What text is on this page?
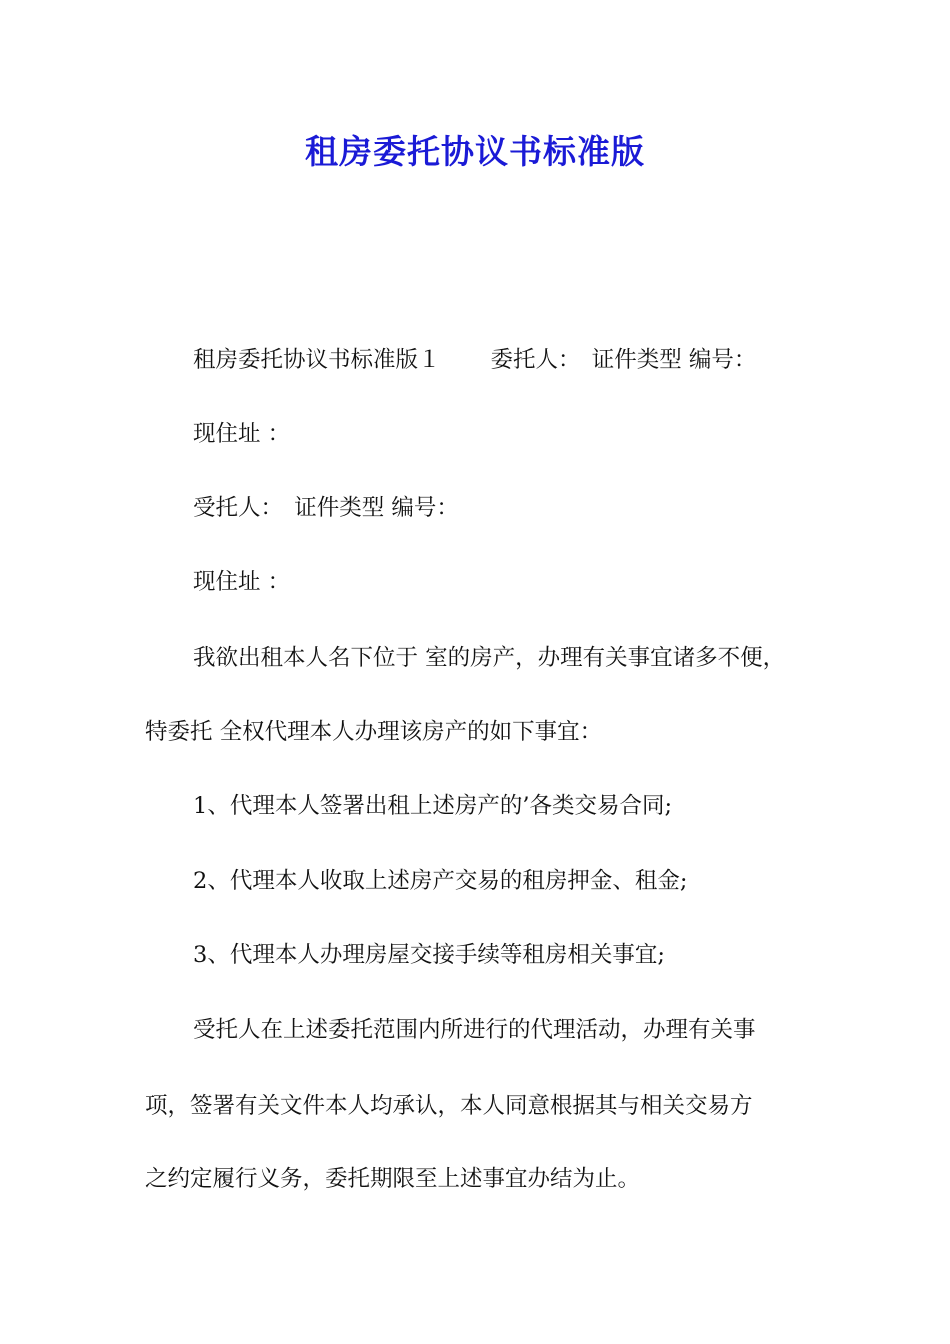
租房委托协议书标准版

租房委托协议书标准版１ 委托人：　证件类型 编号：

现住址 ：

受托人：　证件类型 编号：

现住址 ：

我欲出租本人名下位于 室的房产，办理有关事宜诸多不便，

特委托 全权代理本人办理该房产的如下事宜：

1、代理本人签署出租上述房产的’各类交易合同;

2、代理本人收取上述房产交易的租房押金、租金;

3、代理本人办理房屋交接手续等租房相关事宜;

受托人在上述委托范围内所进行的代理活动，办理有关事

项，签署有关文件本人均承认，本人同意根据其与相关交易方

之约定履行义务，委托期限至上述事宜办结为止。
